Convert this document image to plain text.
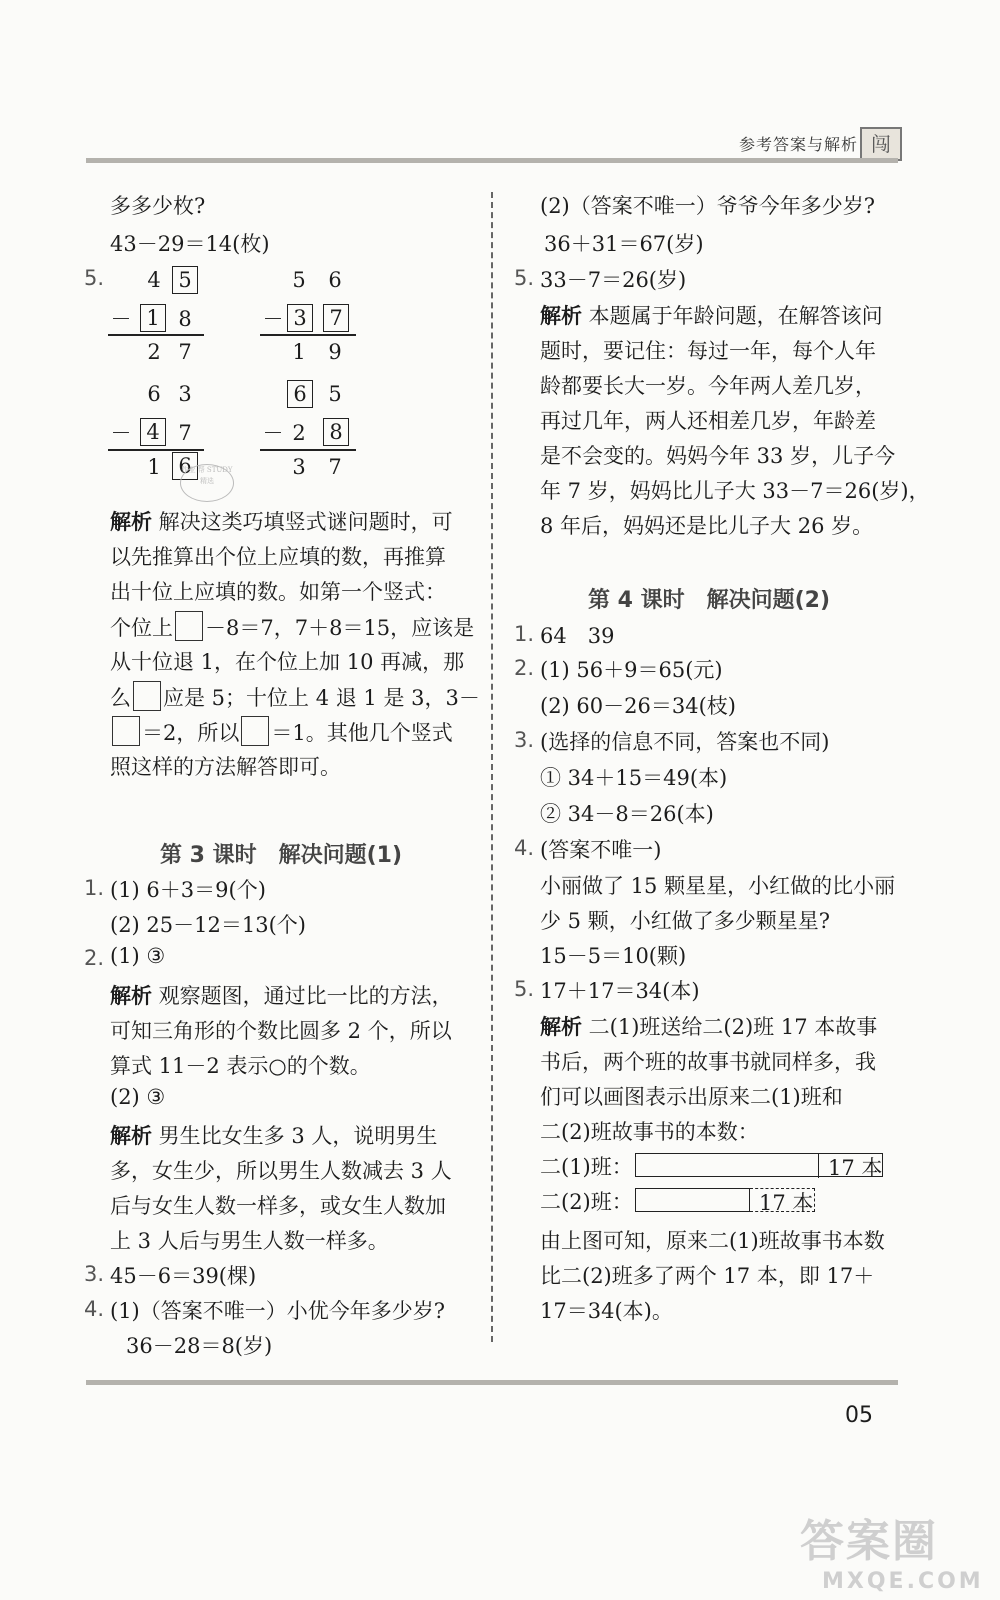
参考答案与解析 闯
05
多多少枚?
43－29＝14(枚)
5.	4 5
－ 1 8
2 7
5	6
－ 3	7
1	9
6 3
－ 4 7
1 6
6	5
－ 2	8
3	7
作业 帮 STUDY 精选
解析 解决这类巧填竖式谜问题时，可
以先推算出个位上应填的数，再推算
出十位上应填的数。如第一个竖式：
个位上 －8＝7，7＋8＝15，应该是
从十位退 1，在个位上加 10 再减，那
么 应是 5；十位上 4 退 1 是 3，3－
＝2，所以 ＝1。其他几个竖式
照这样的方法解答即可。
第 3 课时　解决问题(1)
1. (1) 6＋3＝9(个)
(2) 25－12＝13(个)
2. (1) ③
解析 观察题图，通过比一比的方法，
可知三角形的个数比圆多 2 个，所以
算式 11－2 表示○的个数。
(2) ③
解析 男生比女生多 3 人，说明男生
多，女生少，所以男生人数减去 3 人
后与女生人数一样多，或女生人数加
上 3 人后与男生人数一样多。
3. 45－6＝39(棵)
4. (1)（答案不唯一）小优今年多少岁?
36－28＝8(岁)
(2)（答案不唯一）爷爷今年多少岁?
36＋31＝67(岁)
5. 33－7＝26(岁)
解析 本题属于年龄问题，在解答该问
题时，要记住：每过一年，每个人年
龄都要长大一岁。今年两人差几岁，
再过几年，两人还相差几岁，年龄差
是不会变的。妈妈今年 33 岁，儿子今
年 7 岁，妈妈比儿子大 33－7＝26(岁)，
8 年后，妈妈还是比儿子大 26 岁。
第 4 课时　解决问题(2)
1. 64　39
2. (1) 56＋9＝65(元)
(2) 60－26＝34(枝)
3. (选择的信息不同，答案也不同)
① 34＋15＝49(本)
② 34－8＝26(本)
4. (答案不唯一)
小丽做了 15 颗星星，小红做的比小丽
少 5 颗，小红做了多少颗星星?
15－5＝10(颗)
5. 17＋17＝34(本)
解析 二(1)班送给二(2)班 17 本故事
书后，两个班的故事书就同样多，我
们可以画图表示出原来二(1)班和
二(2)班故事书的本数：
二(1)班：	17 本
二(2)班：	17 本
由上图可知，原来二(1)班故事书本数
比二(2)班多了两个 17 本，即 17＋
17＝34(本)。
答案圈
MXQE.COM
